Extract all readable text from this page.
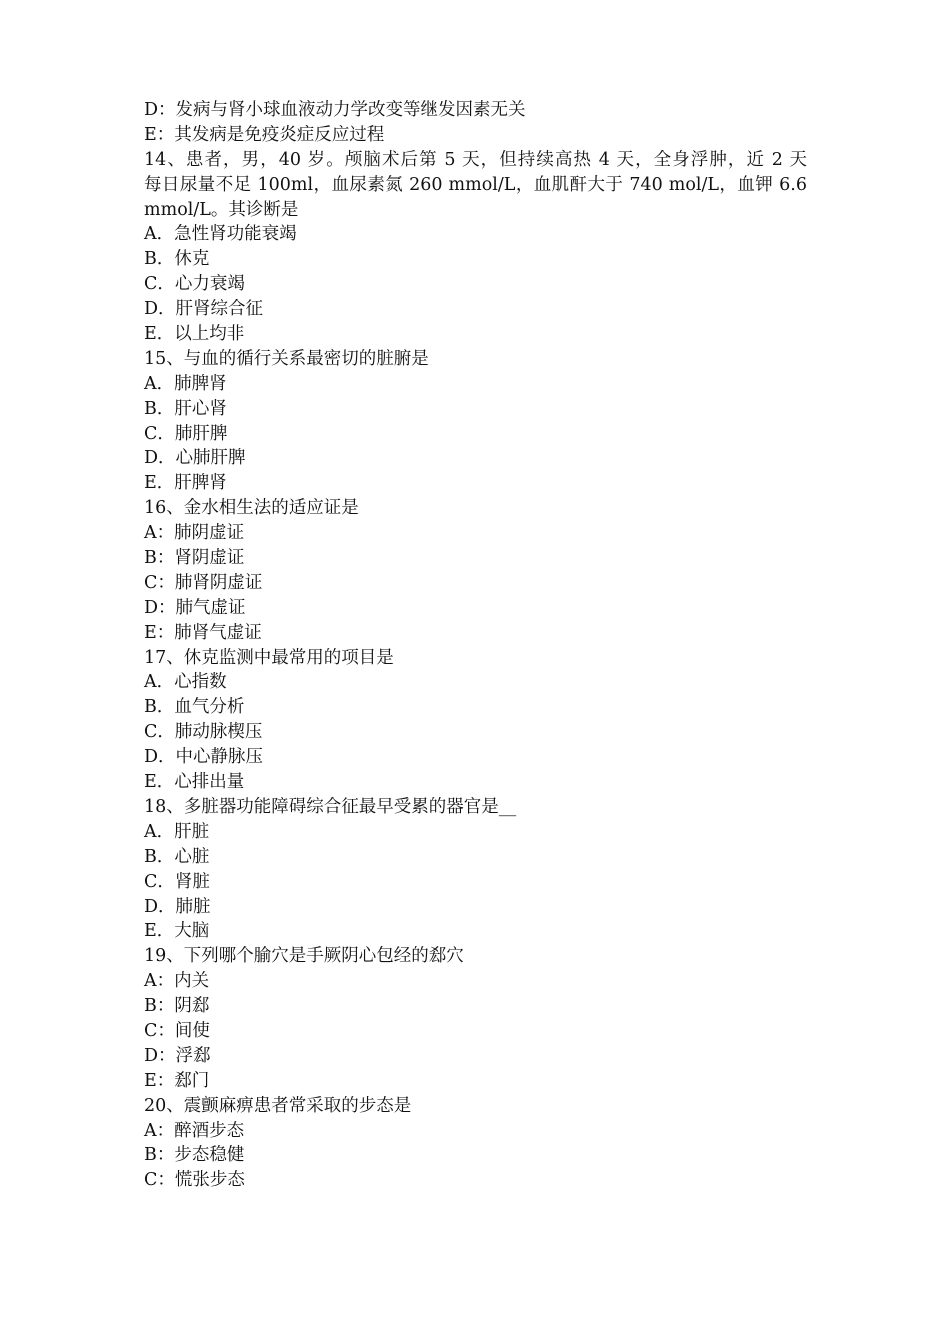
D：发病与肾小球血液动力学改变等继发因素无关
E：其发病是免疫炎症反应过程
14、患者，男，40 岁。颅脑术后第 5 天，但持续高热 4 天，全身浮肿，近 2 天
每日尿量不足 100ml，血尿素氮 260 mmol/L，血肌酐大于 740 mol/L，血钾 6.6
mmol/L。其诊断是
A．急性肾功能衰竭
B．休克
C．心力衰竭
D．肝肾综合征
E．以上均非
15、与血的循行关系最密切的脏腑是
A．肺脾肾
B．肝心肾
C．肺肝脾
D．心肺肝脾
E．肝脾肾
16、金水相生法的适应证是
A：肺阴虚证
B：肾阴虚证
C：肺肾阴虚证
D：肺气虚证
E：肺肾气虚证
17、休克监测中最常用的项目是
A．心指数
B．血气分析
C．肺动脉楔压
D．中心静脉压
E．心排出量
18、多脏器功能障碍综合征最早受累的器官是__
A．肝脏
B．心脏
C．肾脏
D．肺脏
E．大脑
19、下列哪个腧穴是手厥阴心包经的郄穴
A：内关
B：阴郄
C：间使
D：浮郄
E：郄门
20、震颤麻痹患者常采取的步态是
A：醉酒步态
B：步态稳健
C：慌张步态
